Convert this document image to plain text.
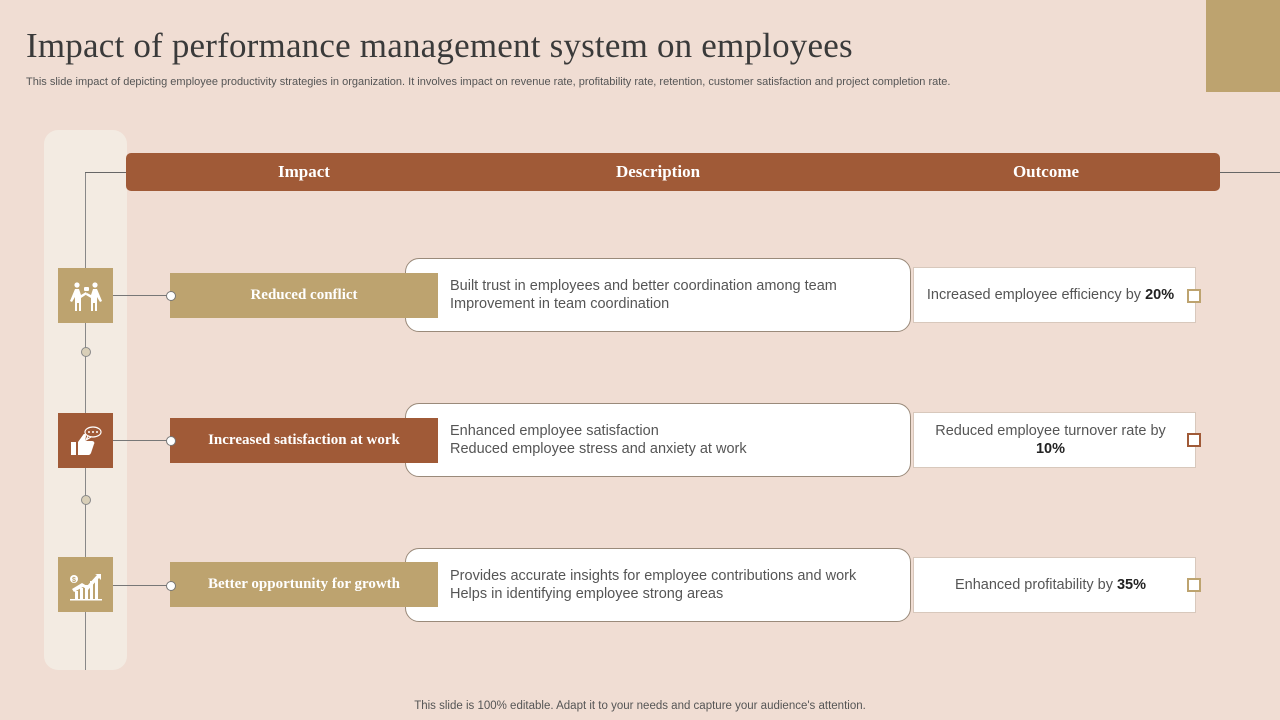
Impact of performance management system on employees

This slide impact of depicting employee productivity strategies in organization. It involves impact on revenue rate, profitability rate, retention, customer satisfaction and project completion rate.

Impact	Description	Outcome
> Built trust in employees and better coordination among team
> Improvement in team coordination
Reduced conflict	Increased employee efficiency by 20%
> Enhanced employee satisfaction
> Reduced employee stress and anxiety at work
Increased satisfaction at work
Reduced employee turnover rate by 10%
$
>	Provides accurate insights for employee contributions and work
> Helps in identifying employee strong areas
Better opportunity for growth	Enhanced profitability by 35%
This slide is 100% editable. Adapt it to your needs and capture your audience's attention.
